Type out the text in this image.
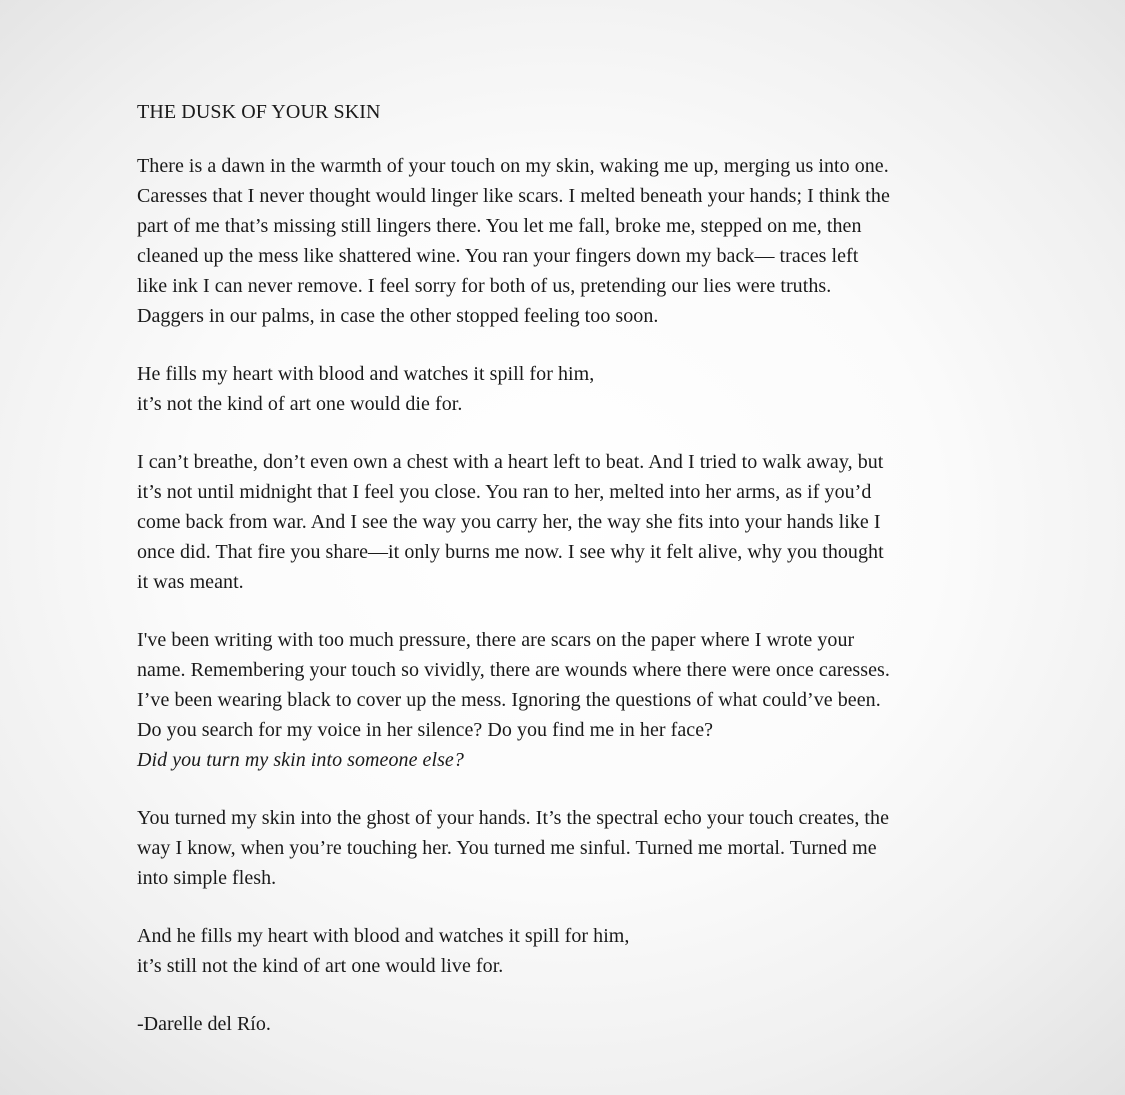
THE DUSK OF YOUR SKIN
There is a dawn in the warmth of your touch on my skin, waking me up, merging us into one.
Caresses that I never thought would linger like scars. I melted beneath your hands; I think the
part of me that’s missing still lingers there. You let me fall, broke me, stepped on me, then
cleaned up the mess like shattered wine. You ran your fingers down my back— traces left
like ink I can never remove. I feel sorry for both of us, pretending our lies were truths.
Daggers in our palms, in case the other stopped feeling too soon.
He fills my heart with blood and watches it spill for him,
it’s not the kind of art one would die for.
I can’t breathe, don’t even own a chest with a heart left to beat. And I tried to walk away, but
it’s not until midnight that I feel you close. You ran to her, melted into her arms, as if you’d
come back from war. And I see the way you carry her, the way she fits into your hands like I
once did. That fire you share—it only burns me now. I see why it felt alive, why you thought
it was meant.
I've been writing with too much pressure, there are scars on the paper where I wrote your
name. Remembering your touch so vividly, there are wounds where there were once caresses.
I’ve been wearing black to cover up the mess. Ignoring the questions of what could’ve been.
Do you search for my voice in her silence? Do you find me in her face?
Did you turn my skin into someone else?
You turned my skin into the ghost of your hands. It’s the spectral echo your touch creates, the
way I know, when you’re touching her. You turned me sinful. Turned me mortal. Turned me
into simple flesh.
And he fills my heart with blood and watches it spill for him,
it’s still not the kind of art one would live for.
-Darelle del Río.
